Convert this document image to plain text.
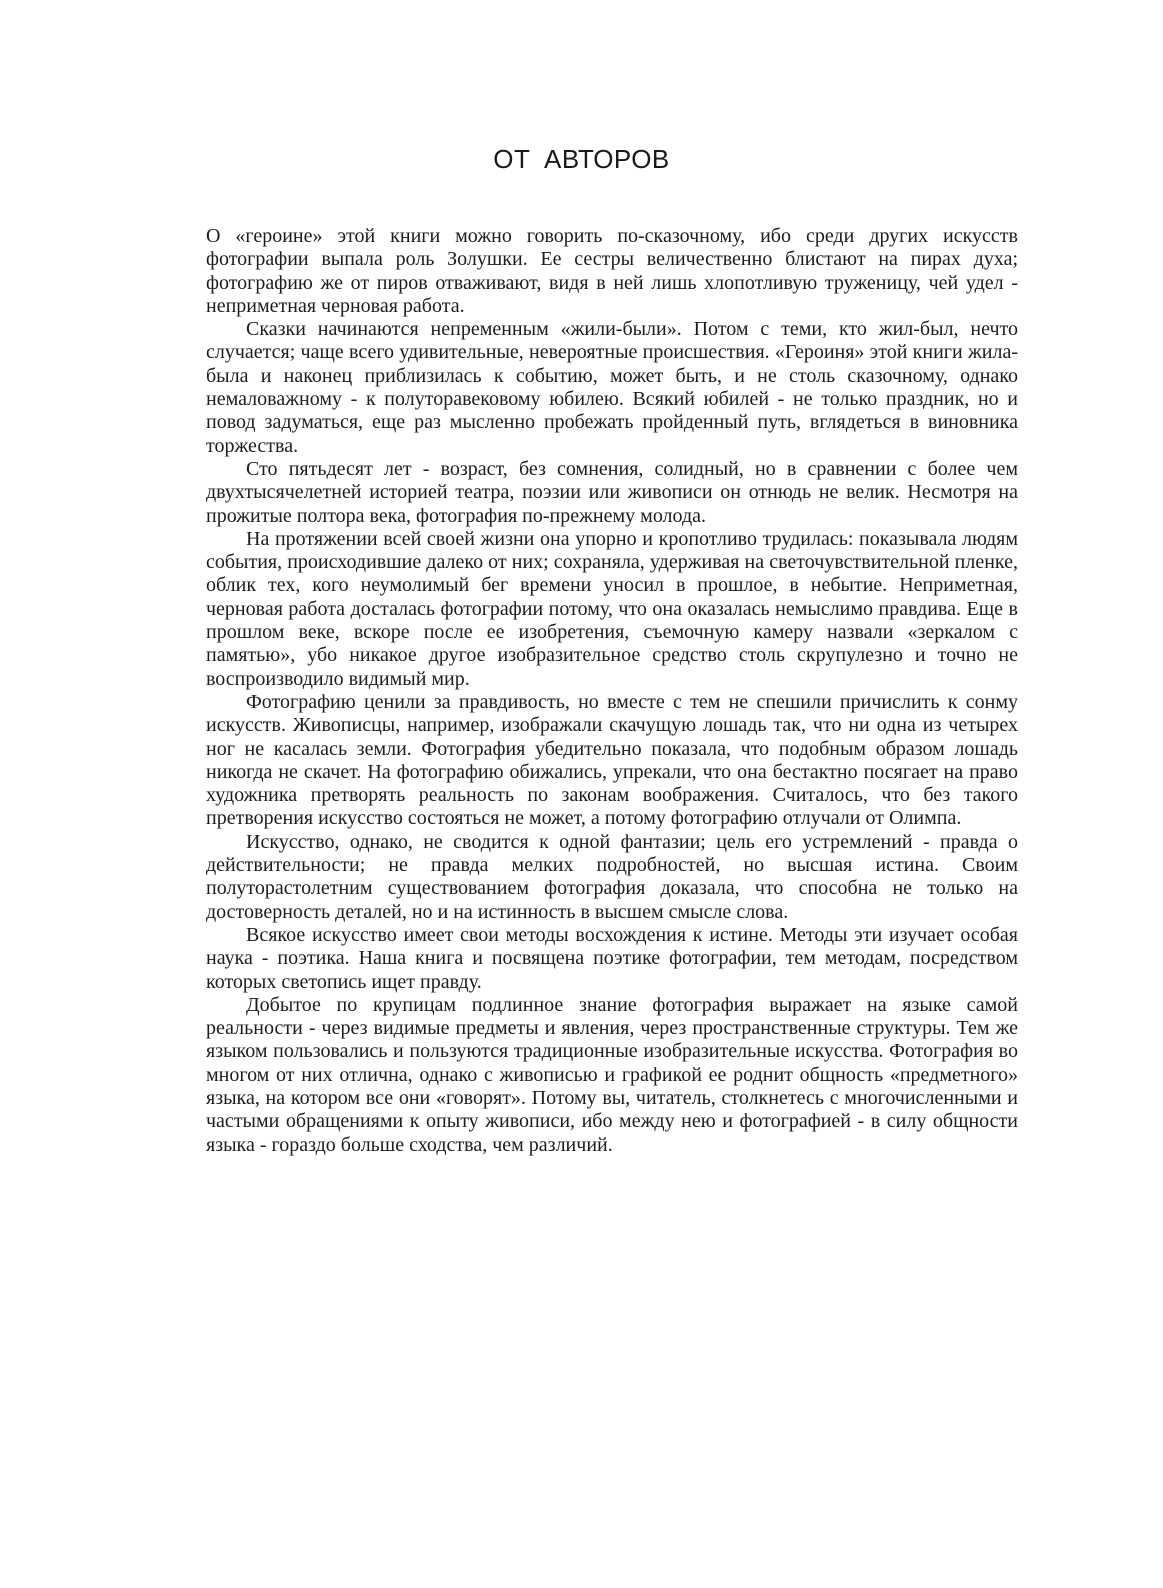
ОТ АВТОРОВ

О «героине» этой книги можно говорить по-сказочному, ибо среди других искусств фотографии выпала роль Золушки. Ее сестры величественно блистают на пирах духа; фотографию же от пиров отваживают, видя в ней лишь хлопотливую труженицу, чей удел - неприметная черновая работа.

Сказки начинаются непременным «жили-были». Потом с теми, кто жил-был, нечто случается; чаще всего удивительные, невероятные происшествия. «Героиня» этой книги жила-была и наконец приблизилась к событию, может быть, и не столь сказочному, однако немаловажному - к полуторавековому юбилею. Всякий юбилей - не только праздник, но и повод задуматься, еще раз мысленно пробежать пройденный путь, вглядеться в виновника торжества.

Сто пятьдесят лет - возраст, без сомнения, солидный, но в сравнении с более чем двухтысячелетней историей театра, поэзии или живописи он отнюдь не велик. Несмотря на прожитые полтора века, фотография по-прежнему молода.

На протяжении всей своей жизни она упорно и кропотливо трудилась: показывала людям события, происходившие далеко от них; сохраняла, удерживая на светочувствительной пленке, облик тех, кого неумолимый бег времени уносил в прошлое, в небытие. Неприметная, черновая работа досталась фотографии потому, что она оказалась немыслимо правдива. Еще в прошлом веке, вскоре после ее изобретения, съемочную камеру назвали «зеркалом с памятью», убо никакое другое изобразительное средство столь скрупулезно и точно не воспроизводило видимый мир.

Фотографию ценили за правдивость, но вместе с тем не спешили причислить к сонму искусств. Живописцы, например, изображали скачущую лошадь так, что ни одна из четырех ног не касалась земли. Фотография убедительно показала, что подобным образом лошадь никогда не скачет. На фотографию обижались, упрекали, что она бестактно посягает на право художника претворять реальность по законам воображения. Считалось, что без такого претворения искусство состояться не может, а потому фотографию отлучали от Олимпа.

Искусство, однако, не сводится к одной фантазии; цель его устремлений - правда о действительности; не правда мелких подробностей, но высшая истина. Своим полуторастолетним существованием фотография доказала, что способна не только на достоверность деталей, но и на истинность в высшем смысле слова.

Всякое искусство имеет свои методы восхождения к истине. Методы эти изучает особая наука - поэтика. Наша книга и посвящена поэтике фотографии, тем методам, посредством которых светопись ищет правду.

Добытое по крупицам подлинное знание фотография выражает на языке самой реальности - через видимые предметы и явления, через пространственные структуры. Тем же языком пользовались и пользуются традиционные изобразительные искусства. Фотография во многом от них отлична, однако с живописью и графикой ее роднит общность «предметного» языка, на котором все они «говорят». Потому вы, читатель, столкнетесь с многочисленными и частыми обращениями к опыту живописи, ибо между нею и фотографией - в силу общности языка - гораздо больше сходства, чем различий.
